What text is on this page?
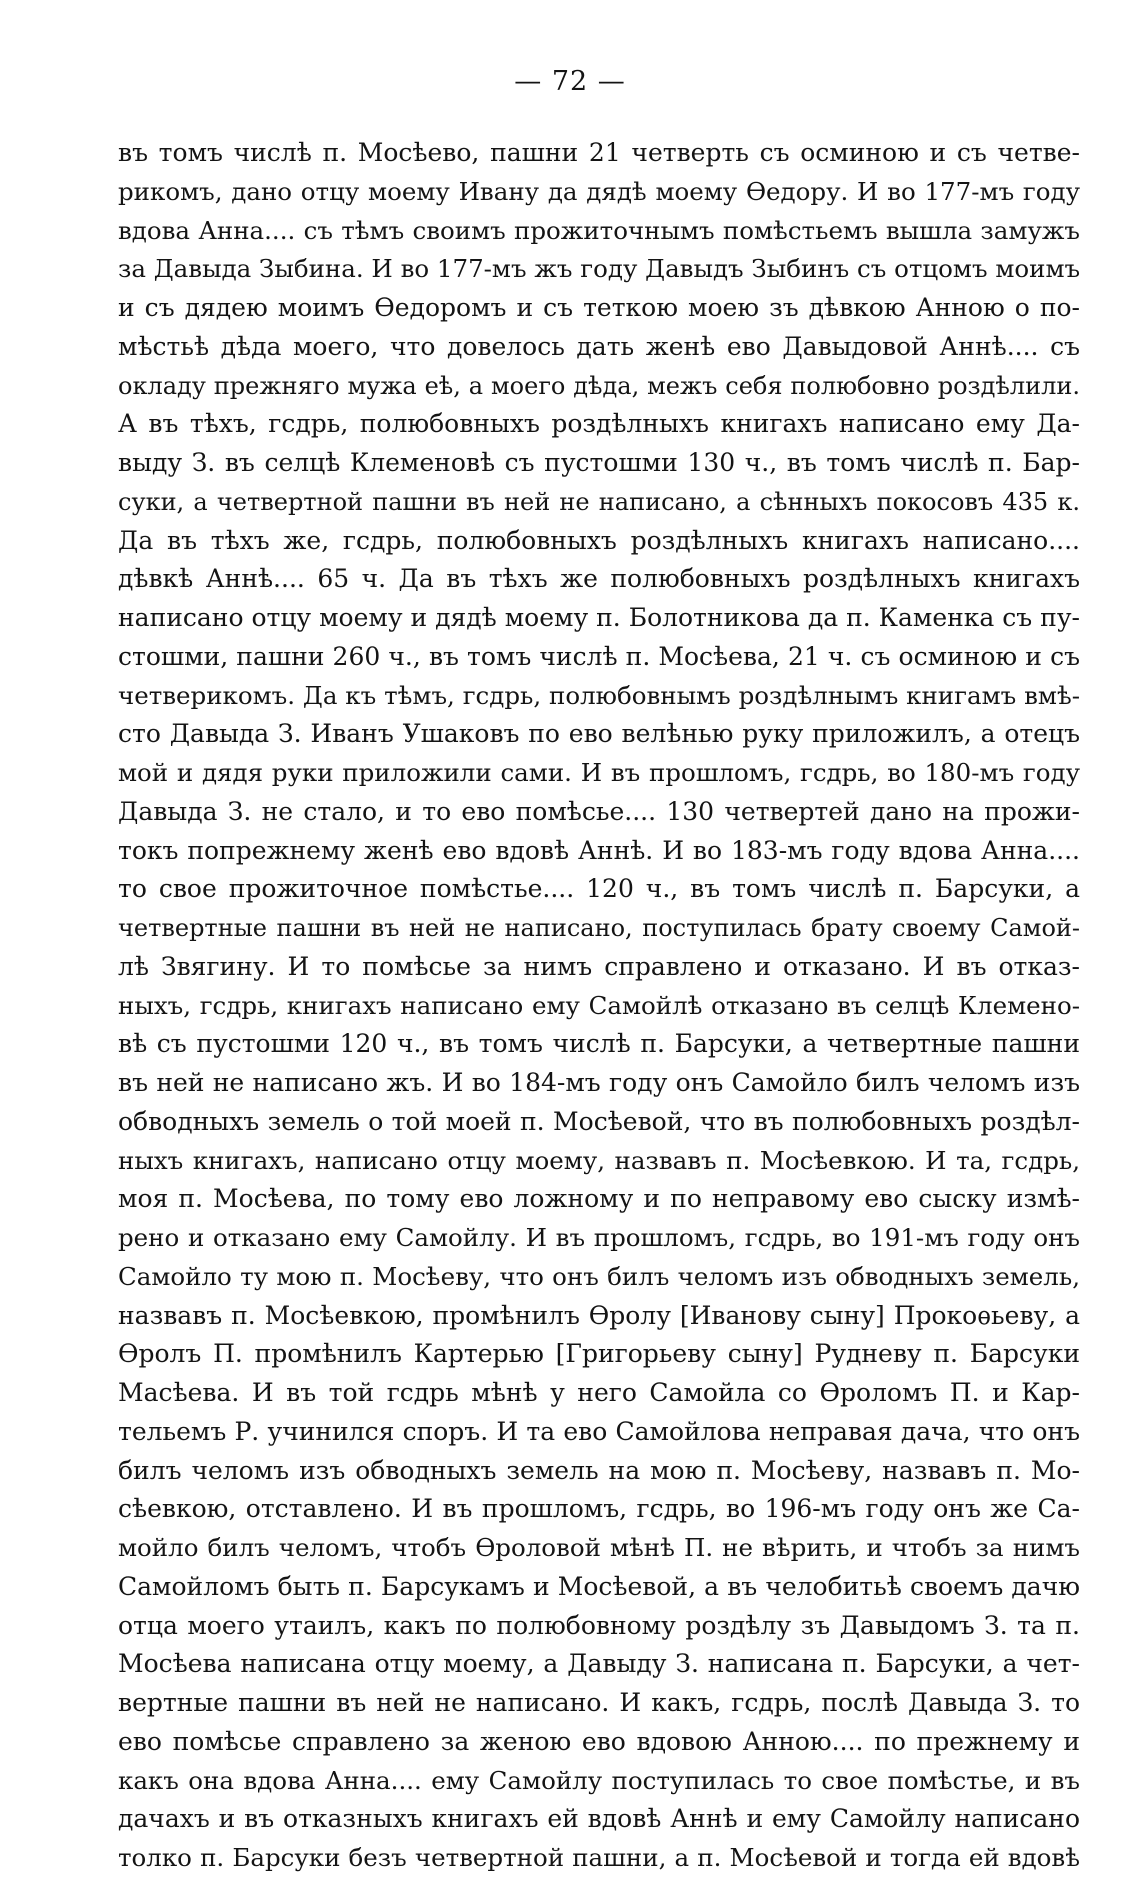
— 72 —
въ томъ числѣ п. Мосѣево, пашни 21 четверть съ осминою и съ четве-
рикомъ, дано отцу моему Ивану да дядѣ моему Ѳедору. И во 177-мъ году
вдова Анна.... съ тѣмъ своимъ прожиточнымъ помѣстьемъ вышла замужъ
за Давыда Зыбина. И во 177-мъ жъ году Давыдъ Зыбинъ съ отцомъ моимъ
и съ дядею моимъ Ѳедоромъ и съ теткою моею зъ дѣвкою Анною о по-
мѣстьѣ дѣда моего, что довелось дать женѣ ево Давыдовой Аннѣ.... съ
окладу прежняго мужа еѣ, а моего дѣда, межъ себя полюбовно роздѣлили.
А въ тѣхъ, гсдрь, полюбовныхъ роздѣлныхъ книгахъ написано ему Да-
выду З. въ селцѣ Клеменовѣ съ пустошми 130 ч., въ томъ числѣ п. Бар-
суки, а четвертной пашни въ ней не написано, а сѣнныхъ покосовъ 435 к.
Да въ тѣхъ же, гсдрь, полюбовныхъ роздѣлныхъ книгахъ написано....
дѣвкѣ Аннѣ.... 65 ч. Да въ тѣхъ же полюбовныхъ роздѣлныхъ книгахъ
написано отцу моему и дядѣ моему п. Болотникова да п. Каменка съ пу-
стошми, пашни 260 ч., въ томъ числѣ п. Мосѣева, 21 ч. съ осминою и съ
четверикомъ. Да къ тѣмъ, гсдрь, полюбовнымъ роздѣлнымъ книгамъ вмѣ-
сто Давыда З. Иванъ Ушаковъ по ево велѣнью руку приложилъ, а отецъ
мой и дядя руки приложили сами. И въ прошломъ, гсдрь, во 180-мъ году
Давыда З. не стало, и то ево помѣсье.... 130 четвертей дано на прожи-
токъ попрежнему женѣ ево вдовѣ Аннѣ. И во 183-мъ году вдова Анна....
то свое прожиточное помѣстье.... 120 ч., въ томъ числѣ п. Барсуки, а
четвертные пашни въ ней не написано, поступилась брату своему Самой-
лѣ Звягину. И то помѣсье за нимъ справлено и отказано. И въ отказ-
ныхъ, гсдрь, книгахъ написано ему Самойлѣ отказано въ селцѣ Клемено-
вѣ съ пустошми 120 ч., въ томъ числѣ п. Барсуки, а четвертные пашни
въ ней не написано жъ. И во 184-мъ году онъ Самойло билъ челомъ изъ
обводныхъ земель о той моей п. Мосѣевой, что въ полюбовныхъ роздѣл-
ныхъ книгахъ, написано отцу моему, назвавъ п. Мосѣевкою. И та, гсдрь,
моя п. Мосѣева, по тому ево ложному и по неправому ево сыску измѣ-
рено и отказано ему Самойлу. И въ прошломъ, гсдрь, во 191-мъ году онъ
Самойло ту мою п. Мосѣеву, что онъ билъ челомъ изъ обводныхъ земель,
назвавъ п. Мосѣевкою, промѣнилъ Ѳролу [Иванову сыну] Прокоѳьеву, а
Ѳролъ П. промѣнилъ Картерью [Григорьеву сыну] Рудневу п. Барсуки
Масѣева. И въ той гсдрь мѣнѣ у него Самойла со Ѳроломъ П. и Кар-
тельемъ Р. учинился споръ. И та ево Самойлова неправая дача, что онъ
билъ челомъ изъ обводныхъ земель на мою п. Мосѣеву, назвавъ п. Мо-
сѣевкою, отставлено. И въ прошломъ, гсдрь, во 196-мъ году онъ же Са-
мойло билъ челомъ, чтобъ Ѳроловой мѣнѣ П. не вѣрить, и чтобъ за нимъ
Самойломъ быть п. Барсукамъ и Мосѣевой, а въ челобитьѣ своемъ дачю
отца моего утаилъ, какъ по полюбовному роздѣлу зъ Давыдомъ З. та п.
Мосѣева написана отцу моему, а Давыду З. написана п. Барсуки, а чет-
вертные пашни въ ней не написано. И какъ, гсдрь, послѣ Давыда З. то
ево помѣсье справлено за женою ево вдовою Анною.... по прежнему и
какъ она вдова Анна.... ему Самойлу поступилась то свое помѣстье, и въ
дачахъ и въ отказныхъ книгахъ ей вдовѣ Аннѣ и ему Самойлу написано
толко п. Барсуки безъ четвертной пашни, а п. Мосѣевой и тогда ей вдовѣ
